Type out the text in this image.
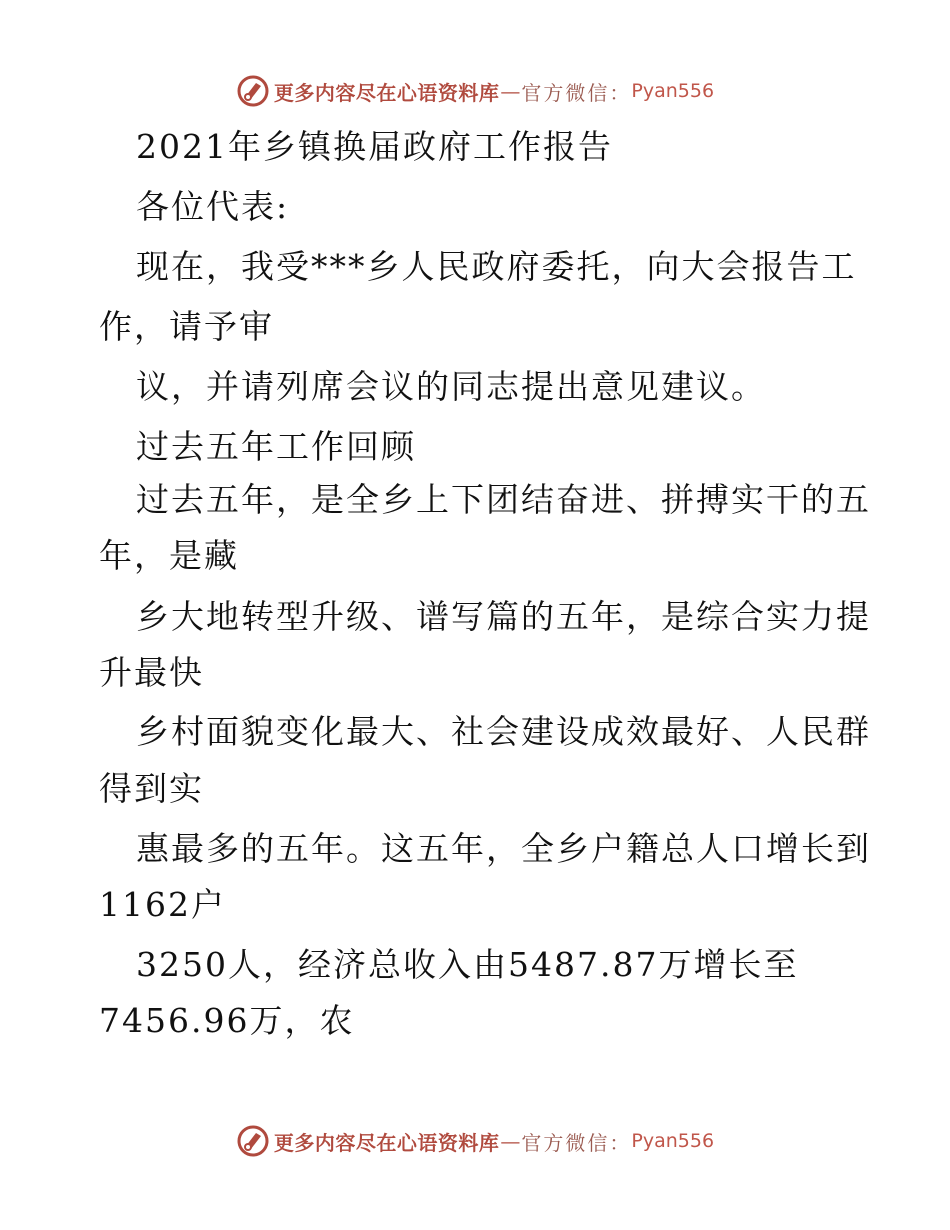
更多内容尽在心语资料库 — 官方微信： Pyan556
2021年乡镇换届政府工作报告
各位代表:
现在，我受***乡人民政府委托，向大会报告工
作，请予审
议，并请列席会议的同志提出意见建议。
过去五年工作回顾
过去五年，是全乡上下团结奋进、拼搏实干的五
年，是藏
乡大地转型升级、谱写篇的五年，是综合实力提
升最快
乡村面貌变化最大、社会建设成效最好、人民群
得到实
惠最多的五年。这五年，全乡户籍总人口增长到
1162户
3250人，经济总收入由5487.87万增长至
7456.96万，农
更多内容尽在心语资料库 — 官方微信： Pyan556
